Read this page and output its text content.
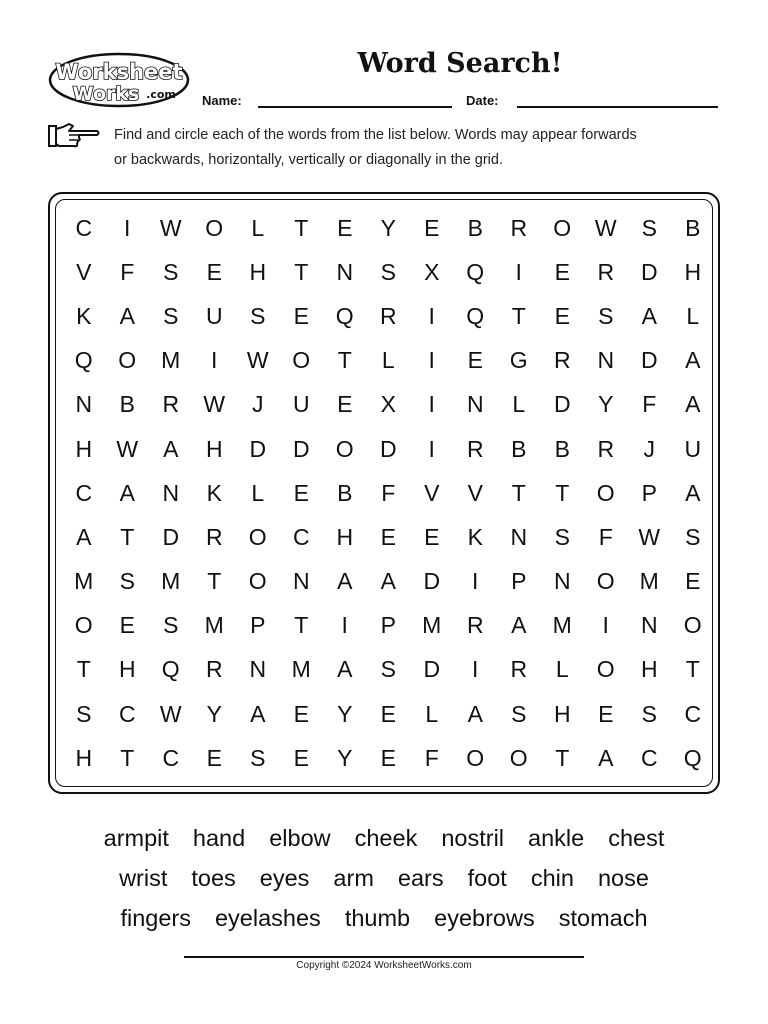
Worksheet
Works .com
Word Search!
Name:	Date:
Find and circle each of the words from the list below. Words may appear forwards
or backwards, horizontally, vertically or diagonally in the grid.
C	I	W	O	L	T	E	Y	E	B	R	O	W	S	B
V	F	S	E	H	T	N	S	X	Q	I	E	R	D	H
K	A	S	U	S	E	Q	R	I	Q	T	E	S	A	L
Q	O	M	I	W	O	T	L	I	E	G	R	N	D	A
N	B	R	W	J	U	E	X	I	N	L	D	Y	F	A
H	W	A	H	D	D	O	D	I	R	B	B	R	J	U
C	A	N	K	L	E	B	F	V	V	T	T	O	P	A
A	T	D	R	O	C	H	E	E	K	N	S	F	W	S
M	S	M	T	O	N	A	A	D	I	P	N	O	M	E
O	E	S	M	P	T	I	P	M	R	A	M	I	N	O
T	H	Q	R	N	M	A	S	D	I	R	L	O	H	T
S	C	W	Y	A	E	Y	E	L	A	S	H	E	S	C
H	T	C	E	S	E	Y	E	F	O	O	T	A	C	Q
armpit hand elbow cheek nostril ankle chest
wrist toes eyes arm ears foot chin nose
fingers eyelashes thumb eyebrows stomach
Copyright ©2024 WorksheetWorks.com
